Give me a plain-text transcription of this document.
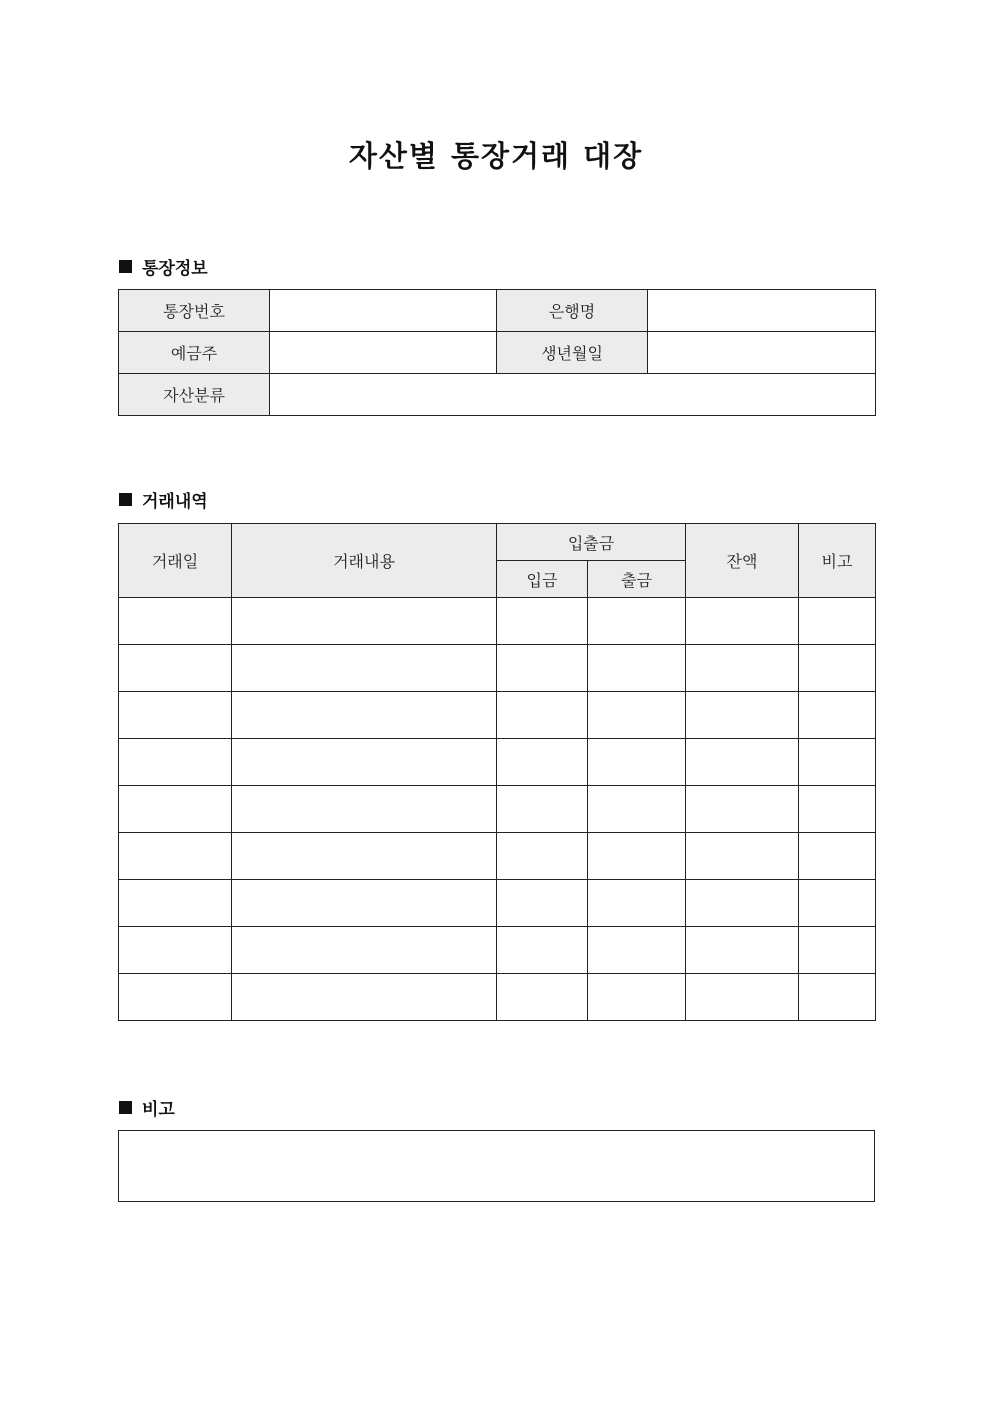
자산별 통장거래 대장
통장정보
통장번호		은행명	
예금주		생년월일	
자산분류			
거래내역
거래일	거래내용	입출금		잔액	비고
		입금	출금		

비고
